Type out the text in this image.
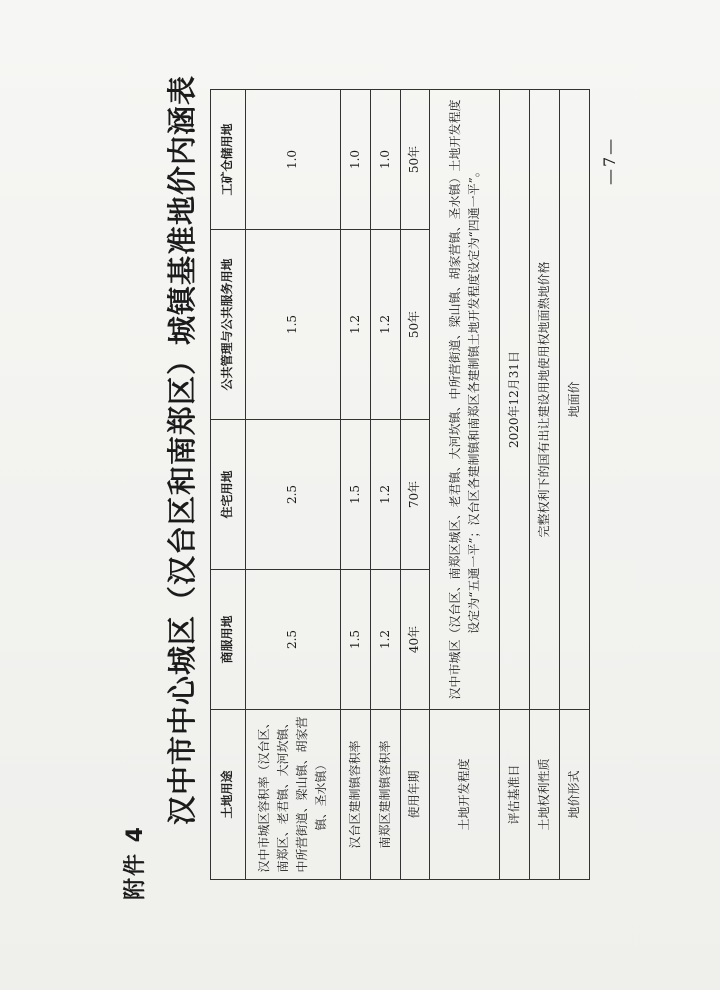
附件 4
汉中市中心城区（汉台区和南郑区）城镇基准地价内涵表 土地用途	商服用地	住宅用地	公共管理与公共服务用地	工矿仓储用地
汉中市城区容积率（汉台区、南郑区、老君镇、大河坎镇、中所营街道、梁山镇、胡家营镇、圣水镇）	2.5	2.5	1.5	1.0
汉台区建制镇容积率	1.5	1.5	1.2	1.0
南郑区建制镇容积率	1.2	1.2	1.2	1.0
使用年期	40年	70年	50年	50年
土地开发程度	汉中市城区（汉台区、南郑区城区、老君镇、大河坎镇、中所营街道、梁山镇、胡家营镇、圣水镇）土地开发程度设定为“五通一平”；汉台区各建制镇和南郑区各建制镇土地开发程度设定为“四通一平”。			
评估基准日	2020年12月31日			
土地权利性质	完整权利下的国有出让建设用地使用权地面熟地价格			
地价形式	地面价			
—7—
